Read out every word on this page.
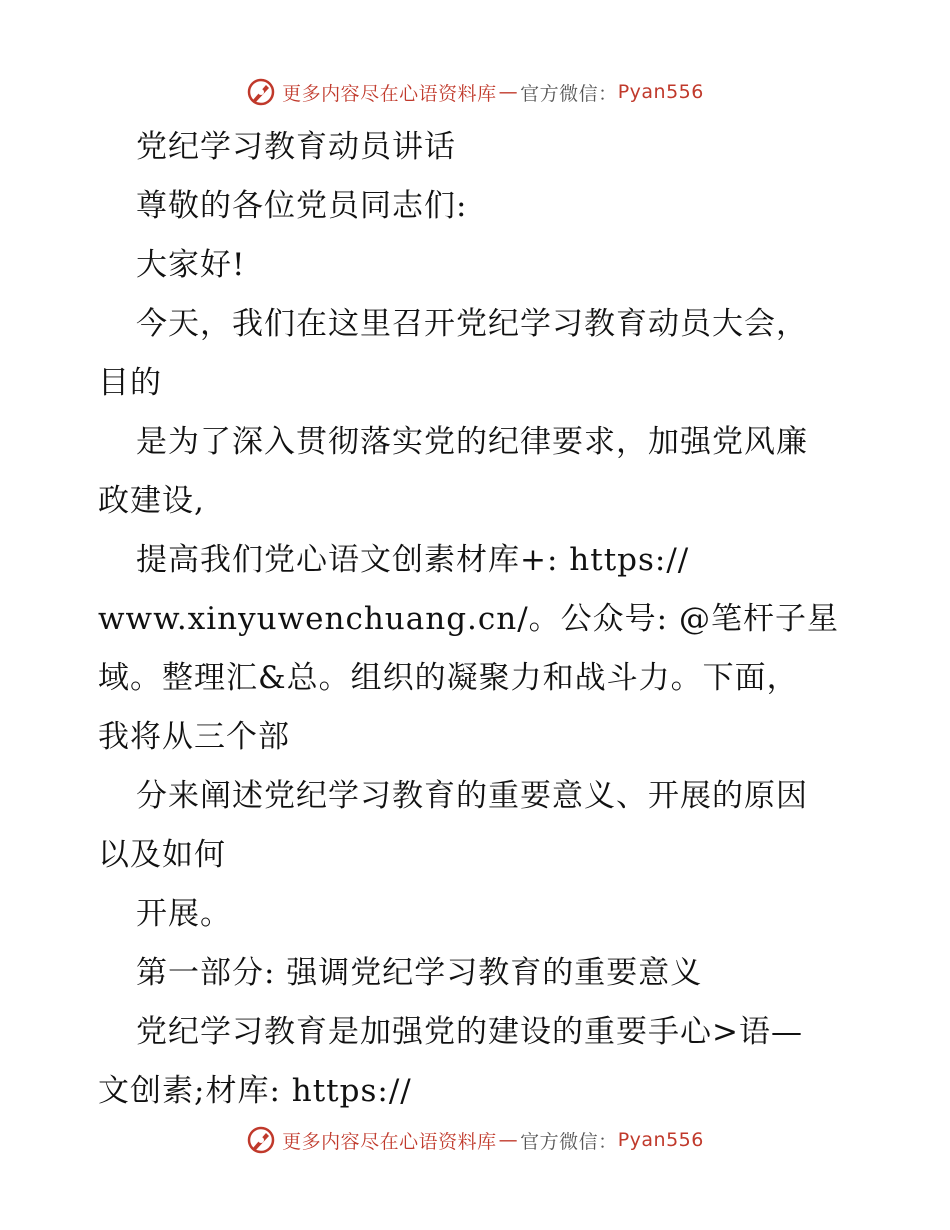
更多内容尽在心语资料库 — 官方微信： Pyan556
党纪学习教育动员讲话
尊敬的各位党员同志们:
大家好!
今天，我们在这里召开党纪学习教育动员大会，
目的
是为了深入贯彻落实党的纪律要求，加强党风廉
政建设,
提高我们党心语文创素材库+: https://
www.xinyuwenchuang.cn/。公众号: @笔杆子星
域。整理汇&总。组织的凝聚力和战斗力。下面，
我将从三个部
分来阐述党纪学习教育的重要意义、开展的原因
以及如何
开展。
第一部分: 强调党纪学习教育的重要意义
党纪学习教育是加强党的建设的重要手心>语—
文创素;材库: https://
更多内容尽在心语资料库 — 官方微信： Pyan556
